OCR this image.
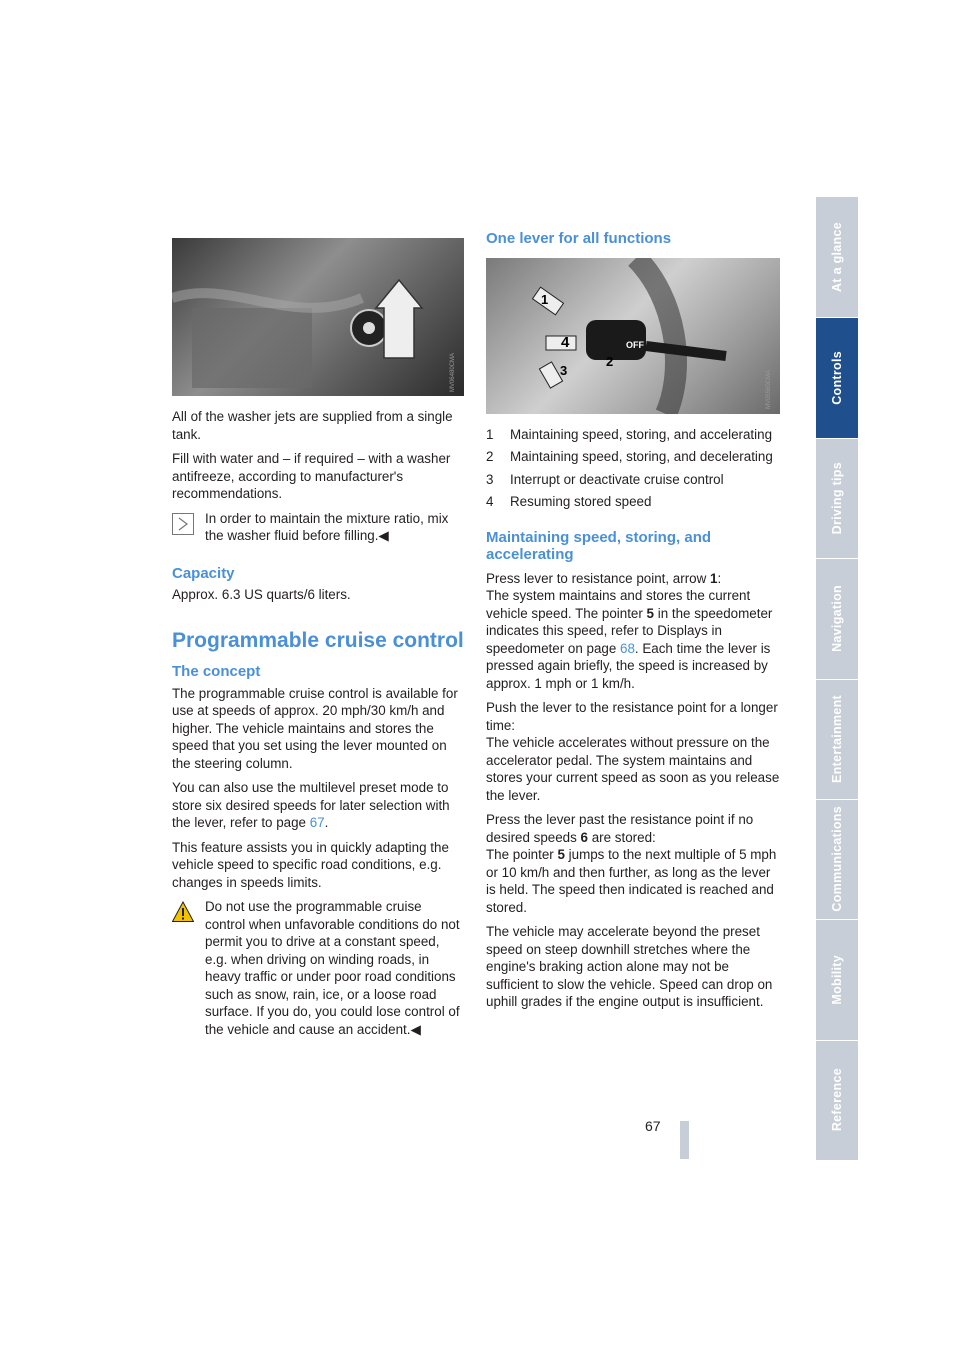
MV06480CMA

All of the washer jets are supplied from a single tank.

Fill with water and – if required – with a washer antifreeze, according to manufacturer's recommendations.

In order to maintain the mixture ratio, mix the washer fluid before filling.◀
Capacity

Approx. 6.3 US quarts/6 liters.

Programmable cruise control
The concept

The programmable cruise control is available for use at speeds of approx. 20 mph/30 km/h and higher. The vehicle maintains and stores the speed that you set using the lever mounted on the steering column.

You can also use the multilevel preset mode to store six desired speeds for later selection with the lever, refer to page 67.

This feature assists you in quickly adapting the vehicle speed to specific road conditions, e.g. changes in speeds limits.

Do not use the programmable cruise control when unfavorable conditions do not permit you to drive at a constant speed, e.g. when driving on winding roads, in heavy traffic or under poor road conditions such as snow, rain, ice, or a loose road surface. If you do, you could lose control of the vehicle and cause an accident.◀
One lever for all functions
OFF
1
3
4
2
MV05560CMA
1	Maintaining speed, storing, and accelerating
2	Maintaining speed, storing, and decelerating
3	Interrupt or deactivate cruise control
4	Resuming stored speed
Maintaining speed, storing, and accelerating

Press lever to resistance point, arrow 1:

The system maintains and stores the current vehicle speed. The pointer 5 in the speedometer indicates this speed, refer to Displays in speedometer on page 68. Each time the lever is pressed again briefly, the speed is increased by approx. 1 mph or 1 km/h.

Push the lever to the resistance point for a longer time:

The vehicle accelerates without pressure on the accelerator pedal. The system maintains and stores your current speed as soon as you release the lever.

Press the lever past the resistance point if no desired speeds 6 are stored:

The pointer 5 jumps to the next multiple of 5 mph or 10 km/h and then further, as long as the lever is held. The speed then indicated is reached and stored.

The vehicle may accelerate beyond the preset speed on steep downhill stretches where the engine's braking action alone may not be sufficient to slow the vehicle. Speed can drop on uphill grades if the engine output is insufficient.

At a glance
Controls
Driving tips
Navigation
Entertainment
Communications
Mobility
Reference
67
